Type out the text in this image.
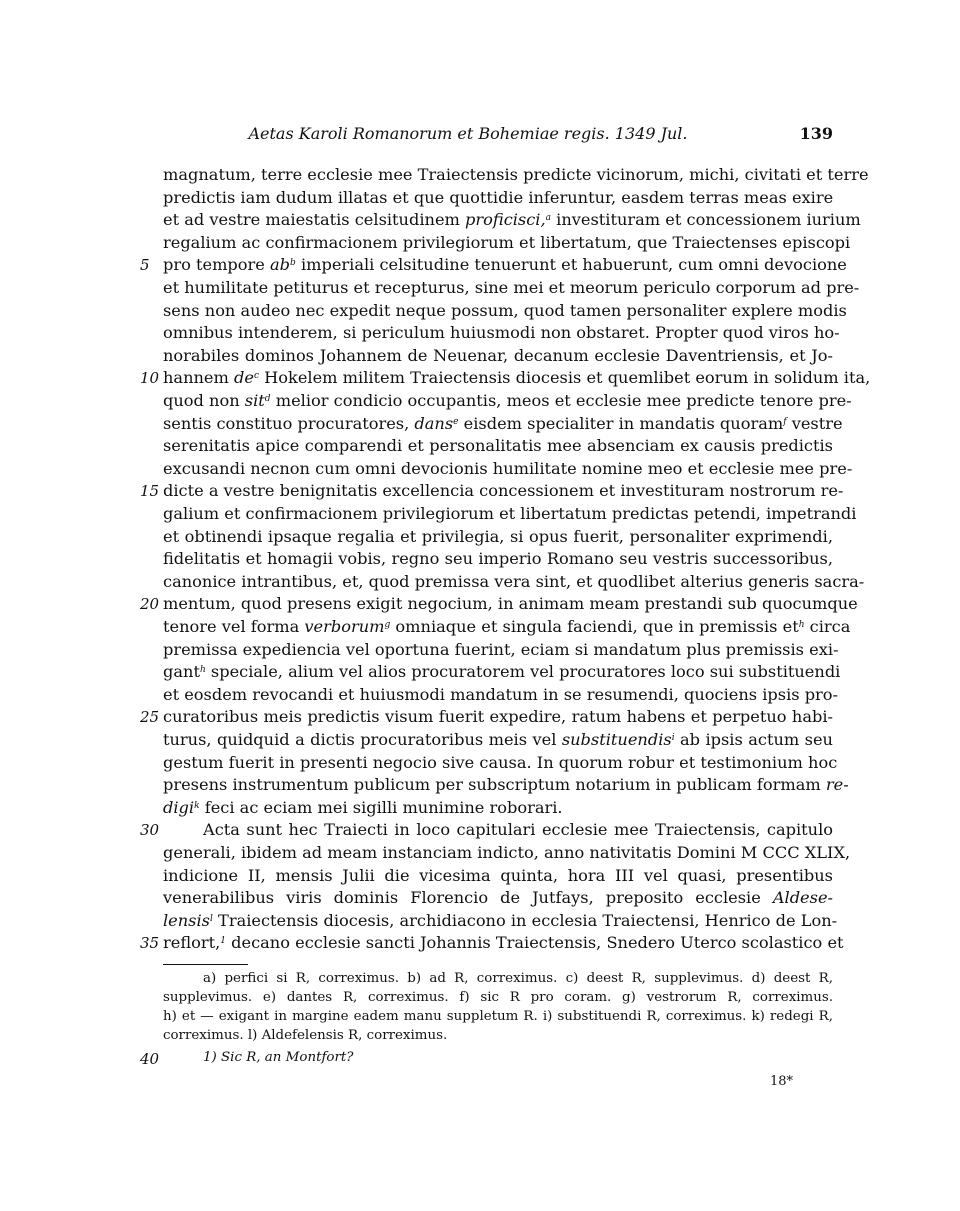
Aetas Karoli Romanorum et Bohemiae regis. 1349 Jul.	139
magnatum, terre ecclesie mee Traiectensis predicte vicinorum, michi, civitati et terre
predictis iam dudum illatas et que quottidie inferuntur, easdem terras meas exire
et ad vestre maiestatis celsitudinem proficisci,$^a$ investituram et concessionem iurium
regalium ac confirmacionem privilegiorum et libertatum, que Traiectenses episcopi
5 pro tempore $ab^b$ imperiali celsitudine tenuerunt et habuerunt, cum omni devocione
et humilitate petiturus et recepturus, sine mei et meorum periculo corporum ad pre-
sens non audeo nec expedit neque possum, quod tamen personaliter explere modis
omnibus intenderem, si periculum huiusmodi non obstaret. Propter quod viros ho-
norabiles dominos Johannem de Neuenar, decanum ecclesie Daventriensis, et Jo-
10 hannem $de^c$ Hokelem militem Traiectensis diocesis et quemlibet eorum in solidum ita,
quod non sit$^d$ melior condicio occupantis, meos et ecclesie mee predicte tenore pre-
sentis constituo procuratores, dans$^e$ eisdem specialiter in mandatis quoram$^f$ vestre
serenitatis apice comparendi et personalitatis mee absenciam ex causis predictis
excusandi necnon cum omni devocionis humilitate nomine meo et ecclesie mee pre-
15 dicte a vestre benignitatis excellencia concessionem et investituram nostrorum re-
galium et confirmacionem privilegiorum et libertatum predictas petendi, impetrandi
et obtinendi ipsaque regalia et privilegia, si opus fuerit, personaliter exprimendi,
fidelitatis et homagii vobis, regno seu imperio Romano seu vestris successoribus,
canonice intrantibus, et, quod premissa vera sint, et quodlibet alterius generis sacra-
20 mentum, quod presens exigit negocium, in animam meam prestandi sub quocumque
tenore vel forma verborum$^g$ omniaque et singula faciendi, que in premissis $et^h$ circa
premissa expediencia vel oportuna fuerint, eciam si mandatum plus premissis exi-
gant$^h$ speciale, alium vel alios procuratorem vel procuratores loco sui substituendi
et eosdem revocandi et huiusmodi mandatum in se resumendi, quociens ipsis pro-
25 curatoribus meis predictis visum fuerit expedire, ratum habens et perpetuo habi-
turus, quidquid a dictis procuratoribus meis vel substituendis$^i$ ab ipsis actum seu
gestum fuerit in presenti negocio sive causa. In quorum robur et testimonium hoc
presens instrumentum publicum per subscriptum notarium in publicam formam re-
digi$^k$ feci ac eciam mei sigilli munimine roborari.
30	Acta sunt hec Traiecti in loco capitulari ecclesie mee Traiectensis, capitulo
generali, ibidem ad meam instanciam indicto, anno nativitatis Domini M CCC XLIX,
indicione II, mensis Julii die vicesima quinta, hora III vel quasi, presentibus
venerabilibus viris dominis Florencio de Jutfays, preposito ecclesie Aldese-
lensis$^l$ Traiectensis diocesis, archidiacono in ecclesia Traiectensi, Henrico de Lon-
35 reflort,$^1$ decano ecclesie sancti Johannis Traiectensis, Snedero Uterco scolastico et
a) perfici si R, correximus. b) ad R, correximus. c) deest R, supplevimus. d) deest R,
supplevimus. e) dantes R, correximus. f) sic R pro coram. g) vestrorum R, correximus.
h) et — exigant in margine eadem manu suppletum R. i) substituendi R, correximus. k) redegi R,
correximus. l) Aldefelensis R, correximus.
40	1) Sic R, an Montfort?
18*
